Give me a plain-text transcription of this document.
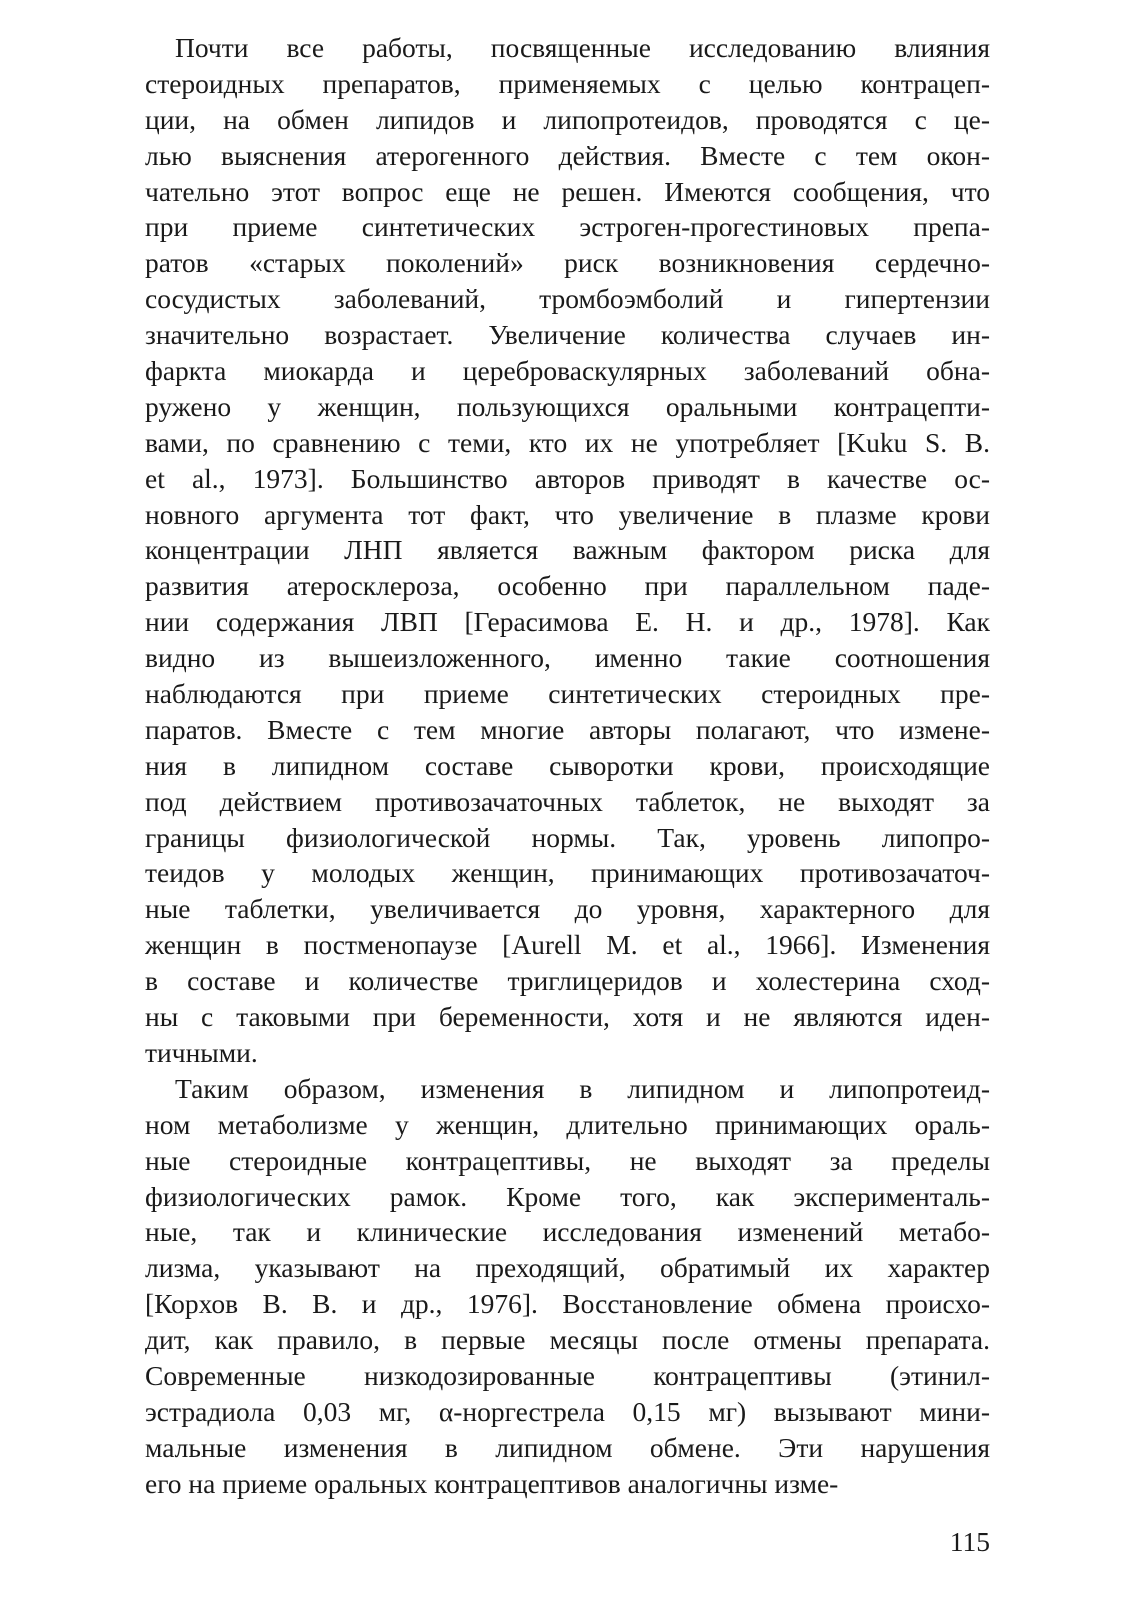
Почти все работы, посвященные исследованию влияния
стероидных препаратов, применяемых с целью контрацеп-
ции, на обмен липидов и липопротеидов, проводятся с це-
лью выяснения атерогенного действия. Вместе с тем окон-
чательно этот вопрос еще не решен. Имеются сообщения, что
при приеме синтетических эстроген-прогестиновых препа-
ратов «старых поколений» риск возникновения сердечно-
сосудистых заболеваний, тромбоэмболий и гипертензии
значительно возрастает. Увеличение количества случаев ин-
фаркта миокарда и цереброваскулярных заболеваний обна-
ружено у женщин, пользующихся оральными контрацепти-
вами, по сравнению с теми, кто их не употребляет [Kuku S. B.
et al., 1973]. Большинство авторов приводят в качестве ос-
новного аргумента тот факт, что увеличение в плазме крови
концентрации ЛНП является важным фактором риска для
развития атеросклероза, особенно при параллельном паде-
нии содержания ЛВП [Герасимова Е. Н. и др., 1978]. Как
видно из вышеизложенного, именно такие соотношения
наблюдаются при приеме синтетических стероидных пре-
паратов. Вместе с тем многие авторы полагают, что измене-
ния в липидном составе сыворотки крови, происходящие
под действием противозачаточных таблеток, не выходят за
границы физиологической нормы. Так, уровень липопро-
теидов у молодых женщин, принимающих противозачаточ-
ные таблетки, увеличивается до уровня, характерного для
женщин в постменопаузе [Aurell M. et al., 1966]. Изменения
в составе и количестве триглицеридов и холестерина сход-
ны с таковыми при беременности, хотя и не являются иден-
тичными.
Таким образом, изменения в липидном и липопротеид-
ном метаболизме у женщин, длительно принимающих ораль-
ные стероидные контрацептивы, не выходят за пределы
физиологических рамок. Кроме того, как эксперименталь-
ные, так и клинические исследования изменений метабо-
лизма, указывают на преходящий, обратимый их характер
[Корхов В. В. и др., 1976]. Восстановление обмена происхо-
дит, как правило, в первые месяцы после отмены препарата.
Современные низкодозированные контрацептивы (этинил-
эстрадиола 0,03 мг, α-норгестрела 0,15 мг) вызывают мини-
мальные изменения в липидном обмене. Эти нарушения
его на приеме оральных контрацептивов аналогичны изме-
115
